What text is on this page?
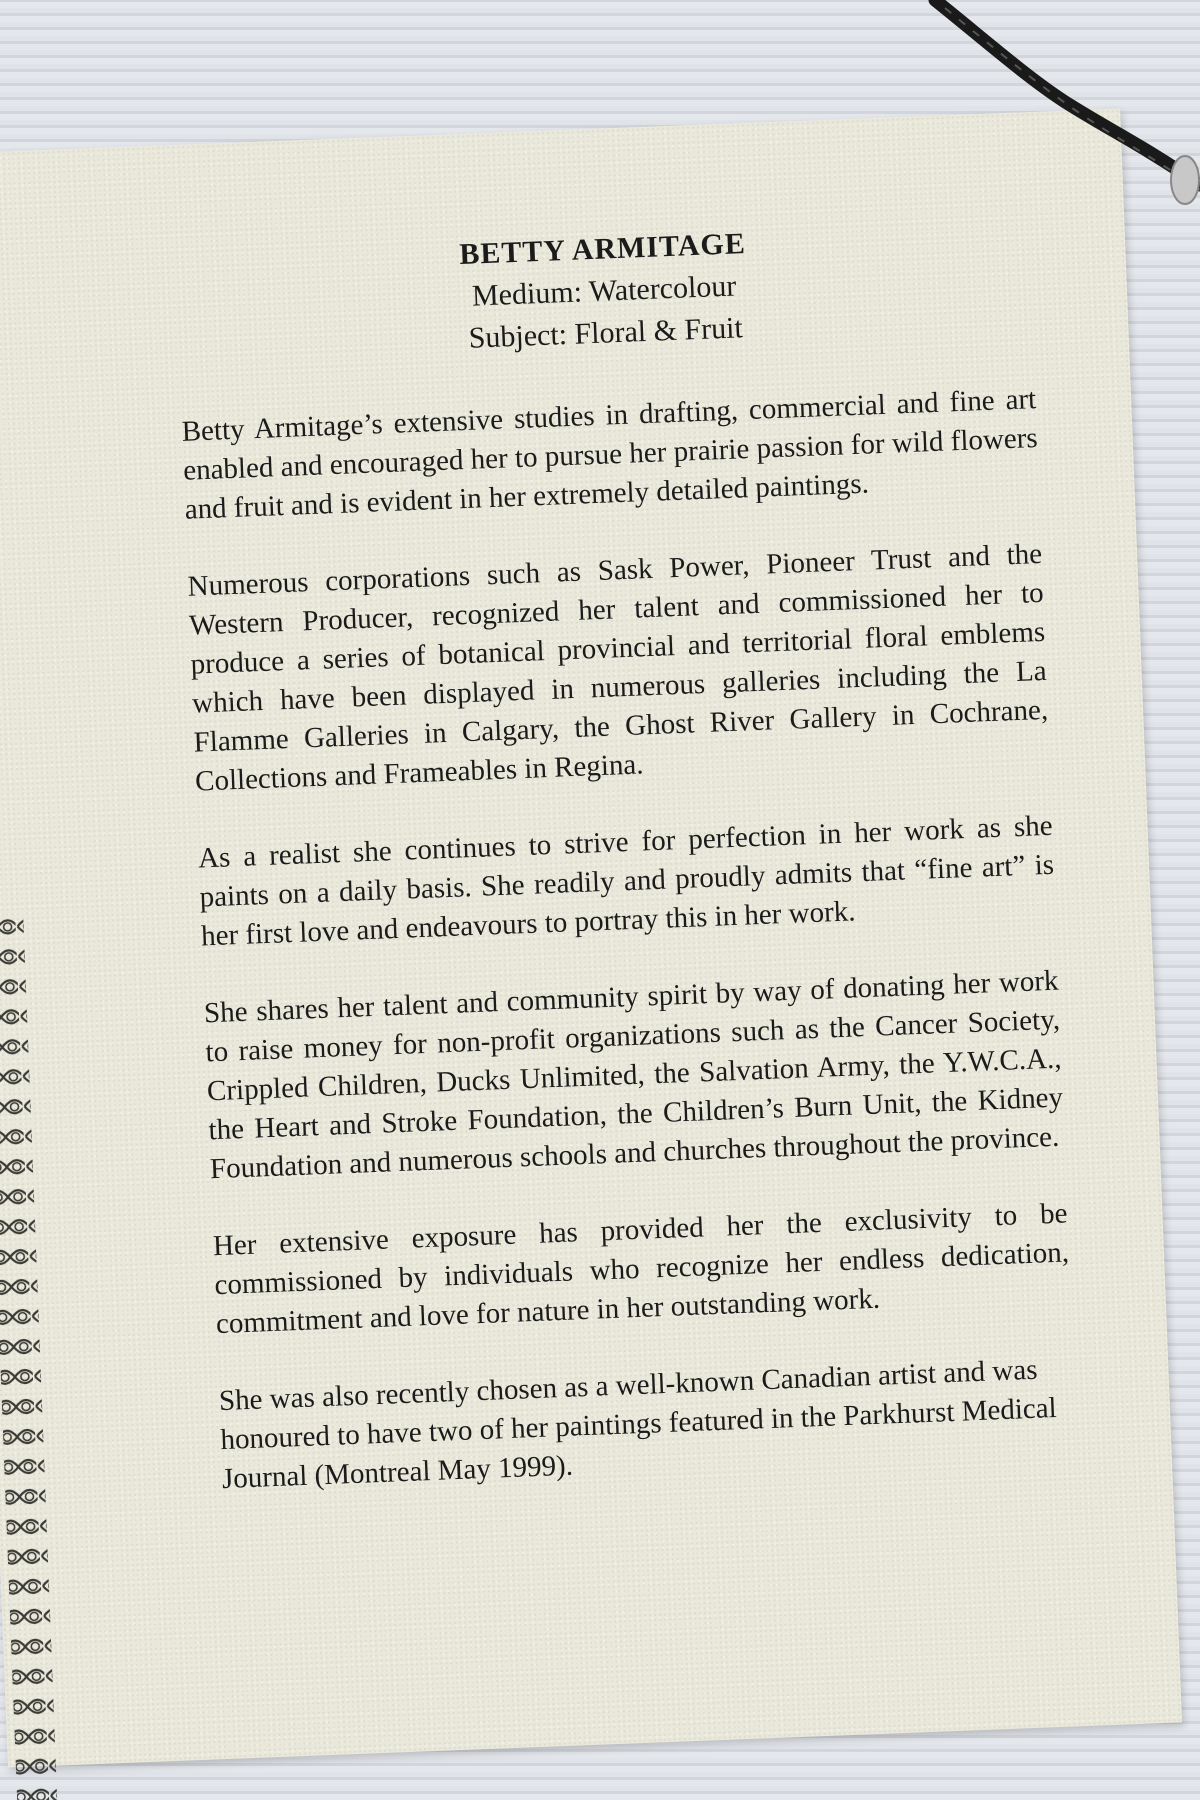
BETTY ARMITAGE
Medium: Watercolour
Subject: Floral & Fruit

Betty Armitage’s extensive studies in drafting, commercial and fine art enabled and encouraged her to pursue her prairie passion for wild flowers and fruit and is evident in her extremely detailed paintings.

Numerous corporations such as Sask Power, Pioneer Trust and the Western Producer, recognized her talent and commissioned her to produce a series of botanical provincial and territorial floral emblems which have been displayed in numerous galleries including the La Flamme Galleries in Calgary, the Ghost River Gallery in Cochrane, Collections and Frameables in Regina.

As a realist she continues to strive for perfection in her work as she paints on a daily basis. She readily and proudly admits that “fine art” is her first love and endeavours to portray this in her work.

She shares her talent and community spirit by way of donating her work to raise money for non-profit organizations such as the Cancer Society, Crippled Children, Ducks Unlimited, the Salvation Army, the Y.W.C.A., the Heart and Stroke Foundation, the Children’s Burn Unit, the Kidney Foundation and numerous schools and churches throughout the province.

Her extensive exposure has provided her the exclusivity to be commissioned by individuals who recognize her endless dedication, commitment and love for nature in her outstanding work.

She was also recently chosen as a well-known Canadian artist and was honoured to have two of her paintings featured in the Parkhurst Medical Journal (Montreal May 1999).
